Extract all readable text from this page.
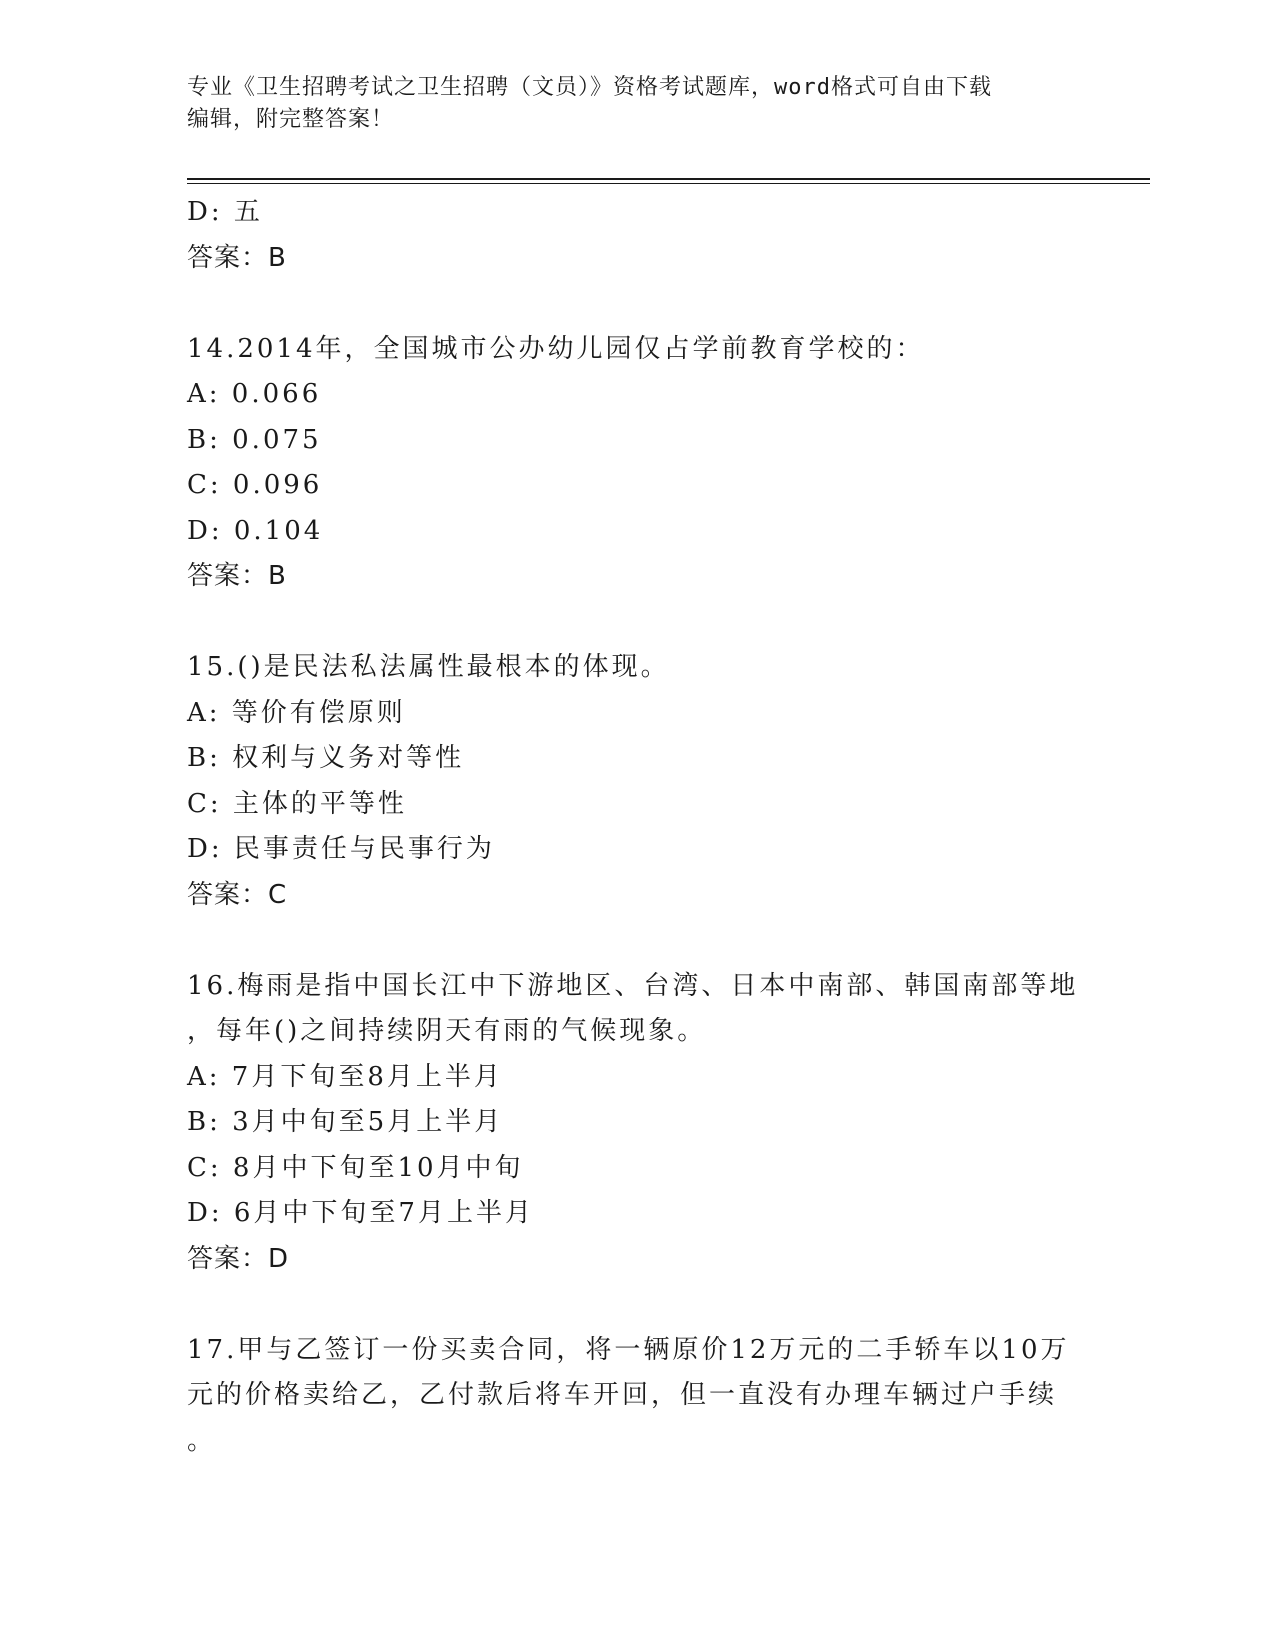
专业《卫生招聘考试之卫生招聘（文员）》资格考试题库，word格式可自由下载
编辑，附完整答案！
D: 五
答案：B
14.2014年，全国城市公办幼儿园仅占学前教育学校的：
A: 0.066
B: 0.075
C: 0.096
D: 0.104
答案：B
15.()是民法私法属性最根本的体现。
A: 等价有偿原则
B: 权利与义务对等性
C: 主体的平等性
D: 民事责任与民事行为
答案：C
16.梅雨是指中国长江中下游地区、台湾、日本中南部、韩国南部等地
，每年()之间持续阴天有雨的气候现象。
A: 7月下旬至8月上半月
B: 3月中旬至5月上半月
C: 8月中下旬至10月中旬
D: 6月中下旬至7月上半月
答案：D
17.甲与乙签订一份买卖合同，将一辆原价12万元的二手轿车以10万
元的价格卖给乙，乙付款后将车开回，但一直没有办理车辆过户手续
。
